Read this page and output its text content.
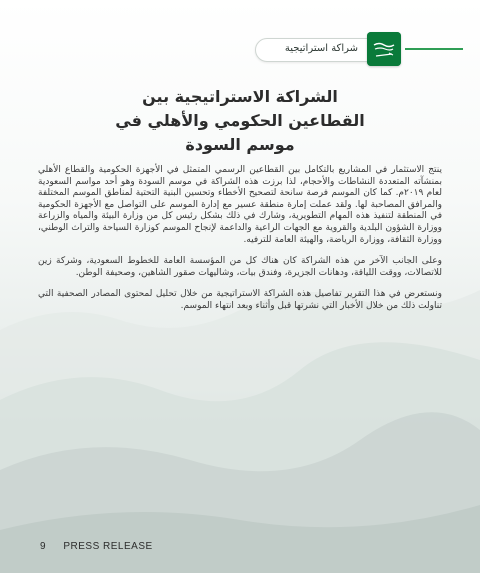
شراكة استراتيجية
الشراكة الاستراتيجية بين
القطاعين الحكومي والأهلي في موسم السودة

ينتج الاستثمار في المشاريع بالتكامل بين القطاعين الرسمي المتمثل في الأجهزة الحكومية والقطاع الأهلي بمنشآته المتعددة النشاطات والأحجام، لذا برزت هذه الشراكة في موسم السودة وهو أحد مواسم السعودية لعام ٢٠١٩م. كما كان الموسم فرصة سانحة لتصحيح الأخطاء وتحسين البنية التحتية لمناطق الموسم المختلفة والمرافق المصاحبة لها. ولقد عملت إمارة منطقة عسير مع إدارة الموسم على التواصل مع الأجهزة الحكومية في المنطقة لتنفيذ هذه المهام التطويرية، وشارك في ذلك بشكل رئيس كل من وزارة البيئة والمياه والزراعة ووزارة الشؤون البلدية والقروية مع الجهات الراعية والداعمة لإنجاح الموسم كوزارة السياحة والتراث الوطني، ووزارة الثقافة، ووزارة الرياضة، والهيئة العامة للترفيه.

وعلى الجانب الآخر من هذه الشراكة كان هناك كل من المؤسسة العامة للخطوط السعودية، وشركة زين للاتصالات، ووقت اللياقة، ودهانات الجزيرة، وفندق بيات، وشاليهات صقور الشاهين، وصحيفة الوطن.

ونستعرض في هذا التقرير تفاصيل هذه الشراكة الاستراتيجية من خلال تحليل لمحتوى المصادر الصحفية التي تناولت ذلك من خلال الأخبار التي نشرتها قبل وأثناء وبعد انتهاء الموسم.

9 PRESS RELEASE
